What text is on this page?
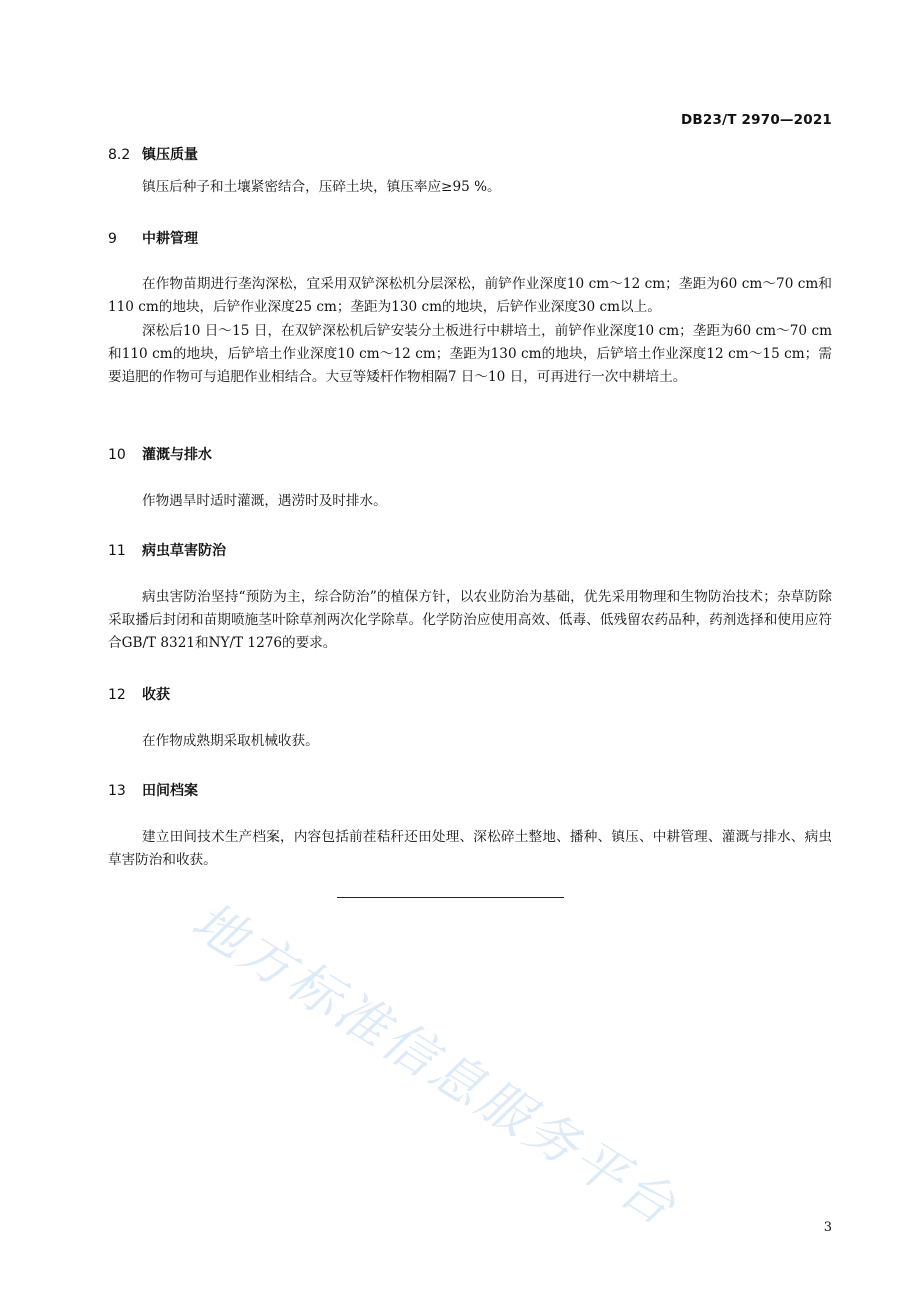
DB23/T 2970—2021
8.2 镇压质量

镇压后种子和土壤紧密结合，压碎土块，镇压率应≥95 %。

9 中耕管理

在作物苗期进行垄沟深松，宜采用双铲深松机分层深松，前铲作业深度10 cm～12 cm；垄距为60 cm～70 cm和110 cm的地块，后铲作业深度25 cm；垄距为130 cm的地块，后铲作业深度30 cm以上。

深松后10 日～15 日，在双铲深松机后铲安装分土板进行中耕培土，前铲作业深度10 cm；垄距为60 cm～70 cm和110 cm的地块，后铲培土作业深度10 cm～12 cm；垄距为130 cm的地块，后铲培土作业深度12 cm～15 cm；需要追肥的作物可与追肥作业相结合。大豆等矮杆作物相隔7 日～10 日，可再进行一次中耕培土。

10 灌溉与排水

作物遇旱时适时灌溉，遇涝时及时排水。

11 病虫草害防治

病虫害防治坚持“预防为主，综合防治”的植保方针，以农业防治为基础，优先采用物理和生物防治技术；杂草防除采取播后封闭和苗期喷施茎叶除草剂两次化学除草。化学防治应使用高效、低毒、低残留农药品种，药剂选择和使用应符合GB/T 8321和NY/T 1276的要求。

12 收获

在作物成熟期采取机械收获。

13 田间档案

建立田间技术生产档案，内容包括前茬秸秆还田处理、深松碎土整地、播种、镇压、中耕管理、灌溉与排水、病虫草害防治和收获。

地方标准信息服务平台	3
